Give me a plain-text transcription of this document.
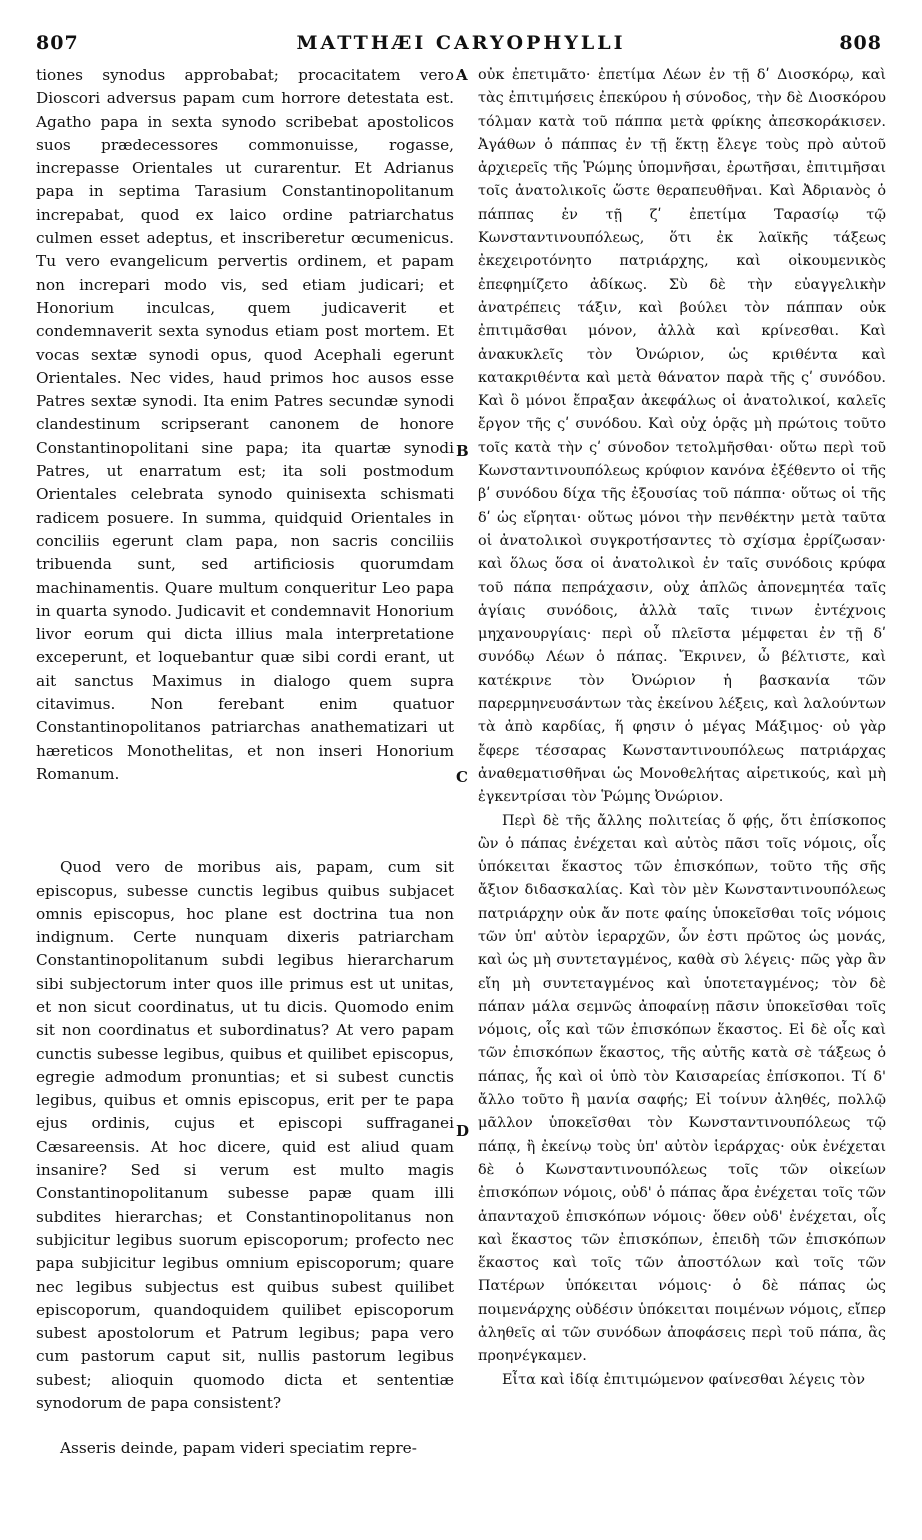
807	MATTHÆI CARYOPHYLLI	808

tiones synodus approbabat; procacitatem vero Dioscori adversus papam cum horrore detestata est. Agatho papa in sexta synodo scribebat apostolicos suos prædecessores commonuisse, rogasse, increpasse Orientales ut curarentur. Et Adrianus papa in septima Tarasium Constantinopolitanum increpabat, quod ex laico ordine patriarchatus culmen esset adeptus, et inscriberetur œcumenicus. Tu vero evangelicum pervertis ordinem, et papam non increpari modo vis, sed etiam judicari; et Honorium inculcas, quem judicaverit et condemnaverit sexta synodus etiam post mortem. Et vocas sextæ synodi opus, quod Acephali egerunt Orientales. Nec vides, haud primos hoc ausos esse Patres sextæ synodi. Ita enim Patres secundæ synodi clandestinum scripserant canonem de honore Constantinopolitani sine papa; ita quartæ synodi Patres, ut enarratum est; ita soli postmodum Orientales celebrata synodo quinisexta schismati radicem posuere. In summa, quidquid Orientales in conciliis egerunt clam papa, non sacris conciliis tribuenda sunt, sed artificiosis quorumdam machinamentis. Quare multum conqueritur Leo papa in quarta synodo. Judicavit et condemnavit Honorium livor eorum qui dicta illius mala interpretatione exceperunt, et loquebantur quæ sibi cordi erant, ut ait sanctus Maximus in dialogo quem supra citavimus. Non ferebant enim quatuor Constantinopolitanos patriarchas anathematizari ut hæreticos Monothelitas, et non inseri Honorium Romanum.

Quod vero de moribus ais, papam, cum sit episcopus, subesse cunctis legibus quibus subjacet omnis episcopus, hoc plane est doctrina tua non indignum. Certe nunquam dixeris patriarcham Constantinopolitanum subdi legibus hierarcharum sibi subjectorum inter quos ille primus est ut unitas, et non sicut coordinatus, ut tu dicis. Quomodo enim sit non coordinatus et subordinatus? At vero papam cunctis subesse legibus, quibus et quilibet episcopus, egregie admodum pronuntias; et si subest cunctis legibus, quibus et omnis episcopus, erit per te papa ejus ordinis, cujus et episcopi suffraganei Cæsareensis. At hoc dicere, quid est aliud quam insanire? Sed si verum est multo magis Constantinopolitanum subesse papæ quam illi subdites hierarchas; et Constantinopolitanus non subjicitur legibus suorum episcoporum; profecto nec papa subjicitur legibus omnium episcoporum; quare nec legibus subjectus est quibus subest quilibet episcoporum, quandoquidem quilibet episcoporum subest apostolorum et Patrum legibus; papa vero cum pastorum caput sit, nullis pastorum legibus subest; alioquin quomodo dicta et sententiæ synodorum de papa consistent?

Asseris deinde, papam videri speciatim repre-

A
B
C
D

οὐκ ἐπετιμᾶτο· ἐπετίμα Λέων ἐν τῇ δʹ Διοσκόρῳ, καὶ τὰς ἐπιτιμήσεις ἐπεκύρου ἡ σύνοδος, τὴν δὲ Διοσκόρου τόλμαν κατὰ τοῦ πάππα μετὰ φρίκης ἀπεσκοράκισεν. Ἀγάθων ὁ πάππας ἐν τῇ ἕκτῃ ἔλεγε τοὺς πρὸ αὐτοῦ ἀρχιερεῖς τῆς Ῥώμης ὑπομνῆσαι, ἐρωτῆσαι, ἐπιτιμῆσαι τοῖς ἀνατολικοῖς ὥστε θεραπευθῆναι. Καὶ Ἀδριανὸς ὁ πάππας ἐν τῇ ζʹ ἐπετίμα Ταρασίῳ τῷ Κωνσταντινουπόλεως, ὅτι ἐκ λαϊκῆς τάξεως ἐκεχειροτόνητο πατριάρχης, καὶ οἰκουμενικὸς ἐπεφημίζετο ἀδίκως. Σὺ δὲ τὴν εὐαγγελικὴν ἀνατρέπεις τάξιν, καὶ βούλει τὸν πάππαν οὐκ ἐπιτιμᾶσθαι μόνον, ἀλλὰ καὶ κρίνεσθαι. Καὶ ἀνακυκλεῖς τὸν Ὀνώριον, ὡς κριθέντα καὶ κατακριθέντα καὶ μετὰ θάνατον παρὰ τῆς ςʹ συνόδου. Καὶ ὃ μόνοι ἔπραξαν ἀκεφάλως οἱ ἀνατολικοί, καλεῖς ἔργον τῆς ςʹ συνόδου. Καὶ οὐχ ὁρᾷς μὴ πρώτοις τοῦτο τοῖς κατὰ τὴν ςʹ σύνοδον τετολμῆσθαι· οὕτω περὶ τοῦ Κωνσταντινουπόλεως κρύφιον κανόνα ἐξέθεντο οἱ τῆς βʹ συνόδου δίχα τῆς ἐξουσίας τοῦ πάππα· οὕτως οἱ τῆς δʹ ὡς εἴρηται· οὕτως μόνοι τὴν πενθέκτην μετὰ ταῦτα οἱ ἀνατολικοὶ συγκροτήσαντες τὸ σχίσμα ἐρρίζωσαν· καὶ ὅλως ὅσα οἱ ἀνατολικοὶ ἐν ταῖς συνόδοις κρύφα τοῦ πάπα πεπράχασιν, οὐχ ἁπλῶς ἀπονεμητέα ταῖς ἁγίαις συνόδοις, ἀλλὰ ταῖς τινων ἐντέχνοις μηχανουργίαις· περὶ οὗ πλεῖστα μέμφεται ἐν τῇ δʹ συνόδῳ Λέων ὁ πάπας. Ἔκρινεν, ὦ βέλτιστε, καὶ κατέκρινε τὸν Ὀνώριον ἡ βασκανία τῶν παρερμηνευσάντων τὰς ἐκείνου λέξεις, καὶ λαλούντων τὰ ἀπὸ καρδίας, ἥ φησιν ὁ μέγας Μάξιμος· οὐ γὰρ ἔφερε τέσσαρας Κωνσταντινουπόλεως πατριάρχας ἀναθεματισθῆναι ὡς Μονοθελήτας αἱρετικούς, καὶ μὴ ἐγκεντρίσαι τὸν Ῥώμης Ὀνώριον.

Περὶ δὲ τῆς ἄλλης πολιτείας ὅ φῄς, ὅτι ἐπίσκοπος ὢν ὁ πάπας ἐνέχεται καὶ αὐτὸς πᾶσι τοῖς νόμοις, οἷς ὑπόκειται ἕκαστος τῶν ἐπισκόπων, τοῦτο τῆς σῆς ἄξιον διδασκαλίας. Καὶ τὸν μὲν Κωνσταντινουπόλεως πατριάρχην οὐκ ἄν ποτε φαίης ὑποκεῖσθαι τοῖς νόμοις τῶν ὑπ' αὐτὸν ἱεραρχῶν, ὧν ἐστι πρῶτος ὡς μονάς, καὶ ὡς μὴ συντεταγμένος, καθὰ σὺ λέγεις· πῶς γὰρ ἂν εἴη μὴ συντεταγμένος καὶ ὑποτεταγμένος; τὸν δὲ πάπαν μάλα σεμνῶς ἀποφαίνῃ πᾶσιν ὑποκεῖσθαι τοῖς νόμοις, οἷς καὶ τῶν ἐπισκόπων ἕκαστος. Εἰ δὲ οἷς καὶ τῶν ἐπισκόπων ἕκαστος, τῆς αὐτῆς κατὰ σὲ τάξεως ὁ πάπας, ἧς καὶ οἱ ὑπὸ τὸν Καισαρείας ἐπίσκοποι. Τί δ' ἄλλο τοῦτο ἢ μανία σαφής; Εἰ τοίνυν ἀληθές, πολλῷ μᾶλλον ὑποκεῖσθαι τὸν Κωνσταντινουπόλεως τῷ πάπᾳ, ἢ ἐκείνῳ τοὺς ὑπ' αὐτὸν ἱεράρχας· οὐκ ἐνέχεται δὲ ὁ Κωνσταντινουπόλεως τοῖς τῶν οἰκείων ἐπισκόπων νόμοις, οὐδ' ὁ πάπας ἄρα ἐνέχεται τοῖς τῶν ἁπανταχοῦ ἐπισκόπων νόμοις· ὅθεν οὐδ' ἐνέχεται, οἷς καὶ ἕκαστος τῶν ἐπισκόπων, ἐπειδὴ τῶν ἐπισκόπων ἕκαστος καὶ τοῖς τῶν ἀποστόλων καὶ τοῖς τῶν Πατέρων ὑπόκειται νόμοις· ὁ δὲ πάπας ὡς ποιμενάρχης οὐδέσιν ὑπόκειται ποιμένων νόμοις, εἴπερ ἀληθεῖς αἱ τῶν συνόδων ἀποφάσεις περὶ τοῦ πάπα, ἃς προηνέγκαμεν.

Εἶτα καὶ ἰδίᾳ ἐπιτιμώμενον φαίνεσθαι λέγεις τὸν
